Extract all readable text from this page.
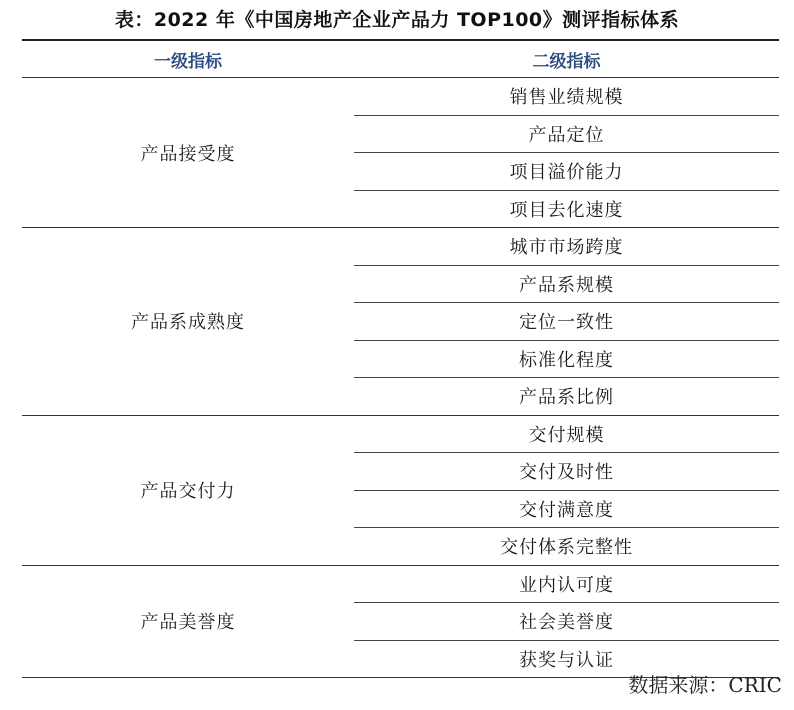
表：2022 年《中国房地产企业产品力 TOP100》测评指标体系
一级指标	二级指标
产品接受度
销售业绩规模
产品定位
项目溢价能力
项目去化速度
产品系成熟度
城市市场跨度
产品系规模
定位一致性
标准化程度
产品系比例
产品交付力
交付规模
交付及时性
交付满意度
交付体系完整性
产品美誉度
业内认可度
社会美誉度
获奖与认证
数据来源：CRIC
